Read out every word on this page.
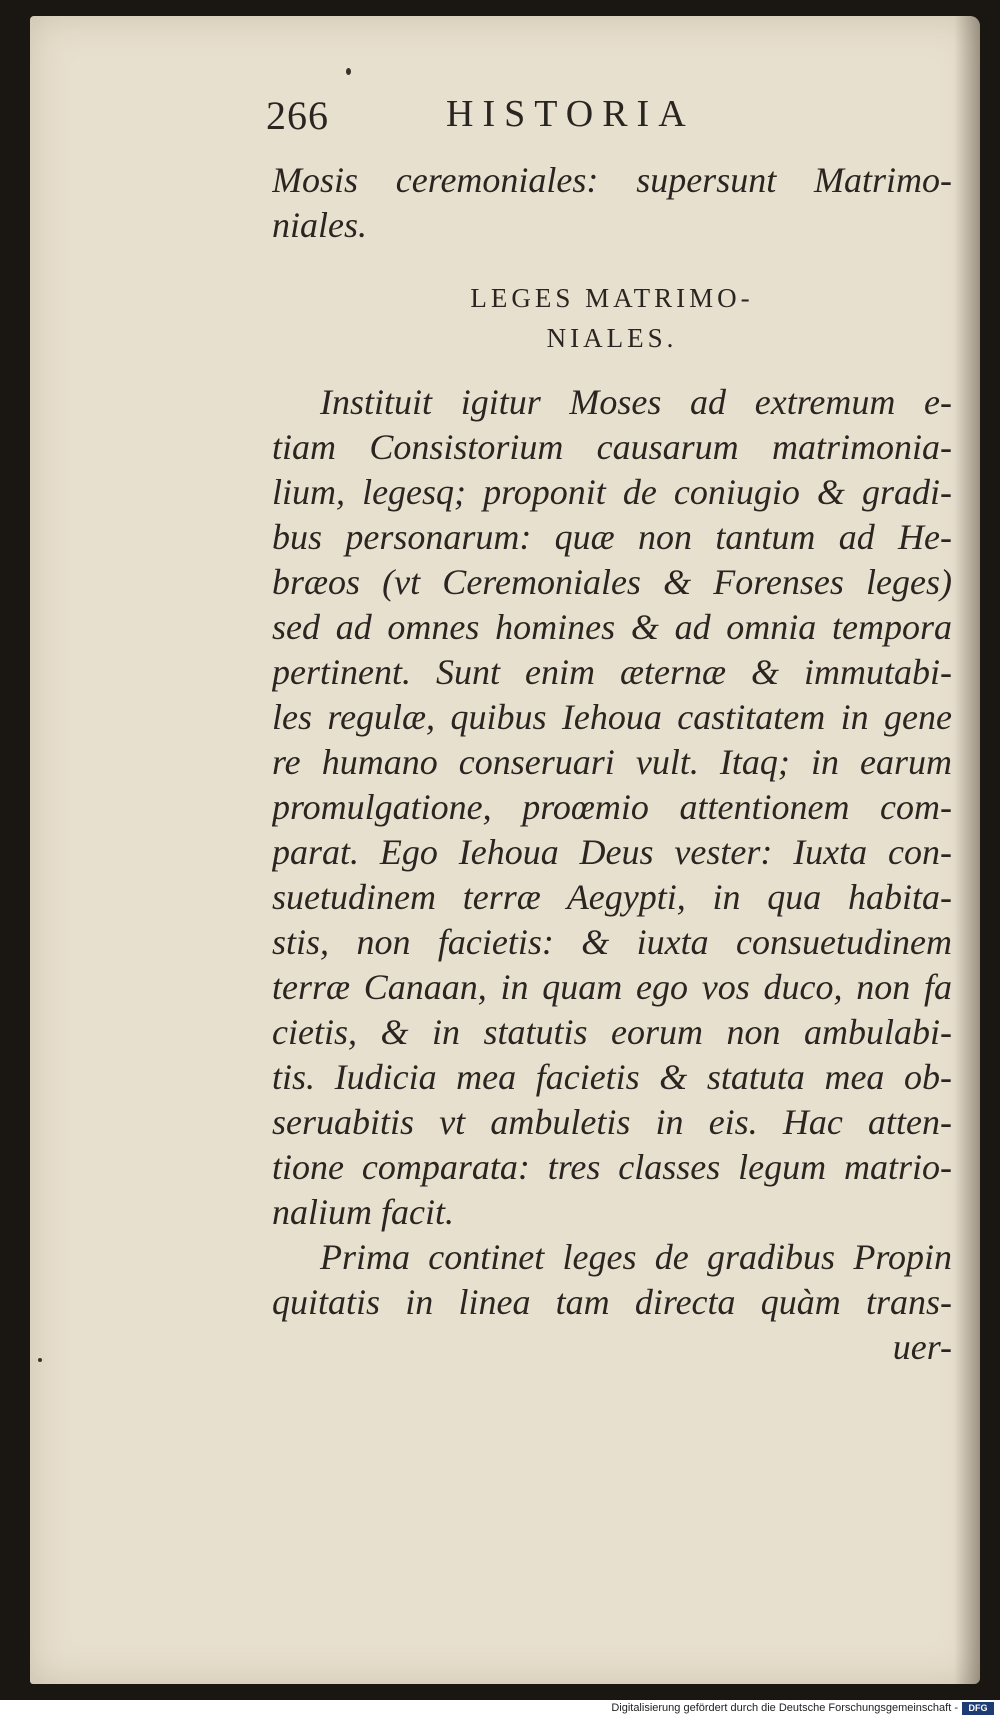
266	HISTORIA
Mosis ceremoniales: supersunt Matrimo-
niales.
LEGES MATRIMO-
NIALES.
Instituit igitur Moses ad extremum e-
tiam Consistorium causarum matrimonia-
lium, legesq; proponit de coniugio & gradi-
bus personarum: quæ non tantum ad He-
bræos (vt Ceremoniales & Forenses leges)
sed ad omnes homines & ad omnia tempora
pertinent. Sunt enim æternæ & immutabi-
les regulæ, quibus Iehoua castitatem in gene
re humano conseruari vult. Itaq; in earum
promulgatione, proœmio attentionem com-
parat. Ego Iehoua Deus vester: Iuxta con-
suetudinem terræ Aegypti, in qua habita-
stis, non facietis: & iuxta consuetudinem
terræ Canaan, in quam ego vos duco, non fa
cietis, & in statutis eorum non ambulabi-
tis. Iudicia mea facietis & statuta mea ob-
seruabitis vt ambuletis in eis. Hac atten-
tione comparata: tres classes legum matrio-
nalium facit.
Prima continet leges de gradibus Propin
quitatis in linea tam directa quàm trans-
uer-
Digitalisierung gefördert durch die Deutsche Forschungsgemeinschaft -	DFG
